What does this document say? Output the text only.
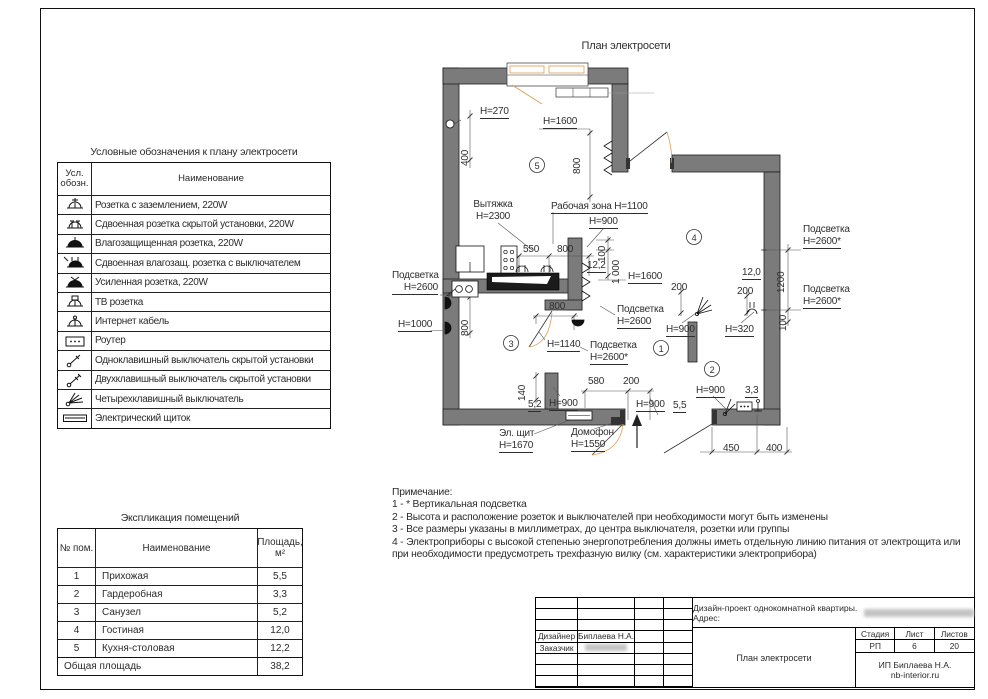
План электросети
Н=270
400
Н=1600
800
5
Вытяжка
Н=2300
Рабочая зона Н=1100
Н=900
550 800
12,2
100
1 000 Н=1600
4
200	200
12,0 1200
100
Подсветка
Н=2600*
Подсветка
Н=2600*
Подсветка
Н=2600
Н=1000	800
3
800
Н=1140
Подсветка
Н=2600
Подсветка
Н=2600*
1
2
Н=900	Н=320
580 200
140
5,2 Н=900	Н=900 5,5
Н=900 3,3
450	400
Эл. щит
Н=1670
Домофон
Н=1550
Условные обозначения к плану электросети
Усл. обозн.	Наименование
Розетка с заземлением, 220W
Сдвоенная розетка скрытой установки, 220W
Влагозащищенная розетка, 220W
Сдвоенная влагозащ. розетка с выключателем
Усиленная розетка, 220W
ТВ розетка
Интернет кабель
Роутер
Одноклавишный выключатель скрытой установки
Двухклавишный выключатель скрытой установки
Четырехклавишный выключатель
Электрический щиток
Экспликация помещений
№ пом.	Наименование	Площадь, м²
1	Прихожая	5,5
2	Гардеробная	3,3
3	Санузел	5,2
4	Гостиная	12,0
5	Кухня-столовая	12,2
Общая площадь	38,2
Примечание:
1 - * Вертикальная подсветка
2 - Высота и расположение розеток и выключателей при необходимости могут быть изменены
3 - Все размеры указаны в миллиметрах, до центра выключателя, розетки или группы
4 - Электроприборы с высокой степенью энергопотребления должны иметь отдельную линию питания от электрощита или
при необходимости предусмотреть трехфазную вилку (см. характеристики электроприбора)
Дизайнер Биплаева Н.А.
Заказчик
Дизайн-проект однокомнатной квартиры. Адрес:
План электросети
Стадия	Лист	Листов
РП	6	20
ИП Биплаева Н.А.
nb-interior.ru
